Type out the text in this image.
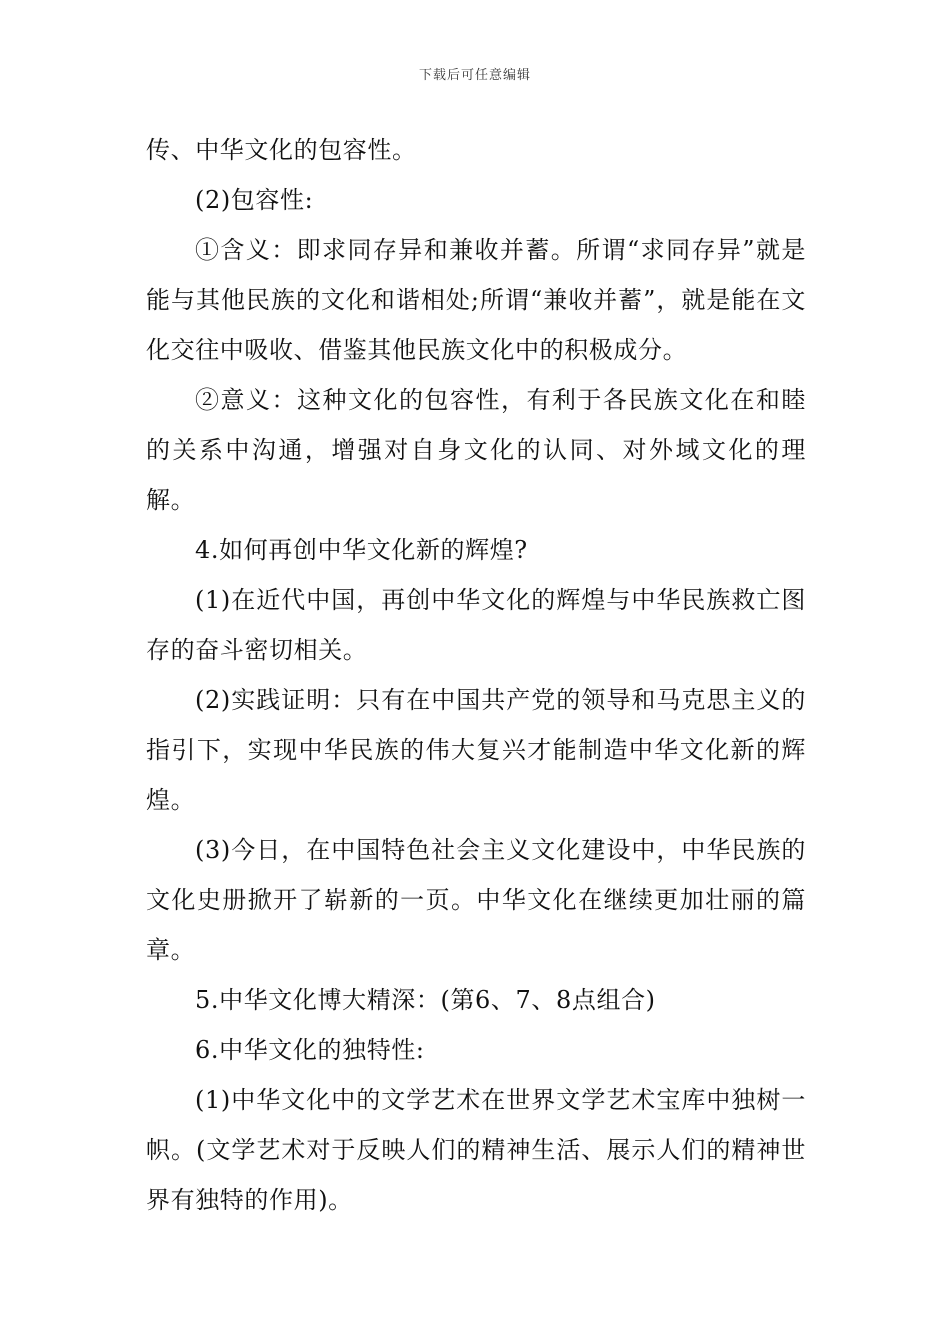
下载后可任意编辑

传、中华文化的包容性。

(2)包容性:

①含义：即求同存异和兼收并蓄。所谓“求同存异”就是能与其他民族的文化和谐相处;所谓“兼收并蓄”，就是能在文化交往中吸收、借鉴其他民族文化中的积极成分。

②意义：这种文化的包容性，有利于各民族文化在和睦的关系中沟通，增强对自身文化的认同、对外域文化的理解。

4.如何再创中华文化新的辉煌?

(1)在近代中国，再创中华文化的辉煌与中华民族救亡图存的奋斗密切相关。

(2)实践证明：只有在中国共产党的领导和马克思主义的指引下，实现中华民族的伟大复兴才能制造中华文化新的辉煌。

(3)今日，在中国特色社会主义文化建设中，中华民族的文化史册掀开了崭新的一页。中华文化在继续更加壮丽的篇章。

5.中华文化博大精深：(第6、7、8点组合)

6.中华文化的独特性:

(1)中华文化中的文学艺术在世界文学艺术宝库中独树一帜。(文学艺术对于反映人们的精神生活、展示人们的精神世界有独特的作用)。
